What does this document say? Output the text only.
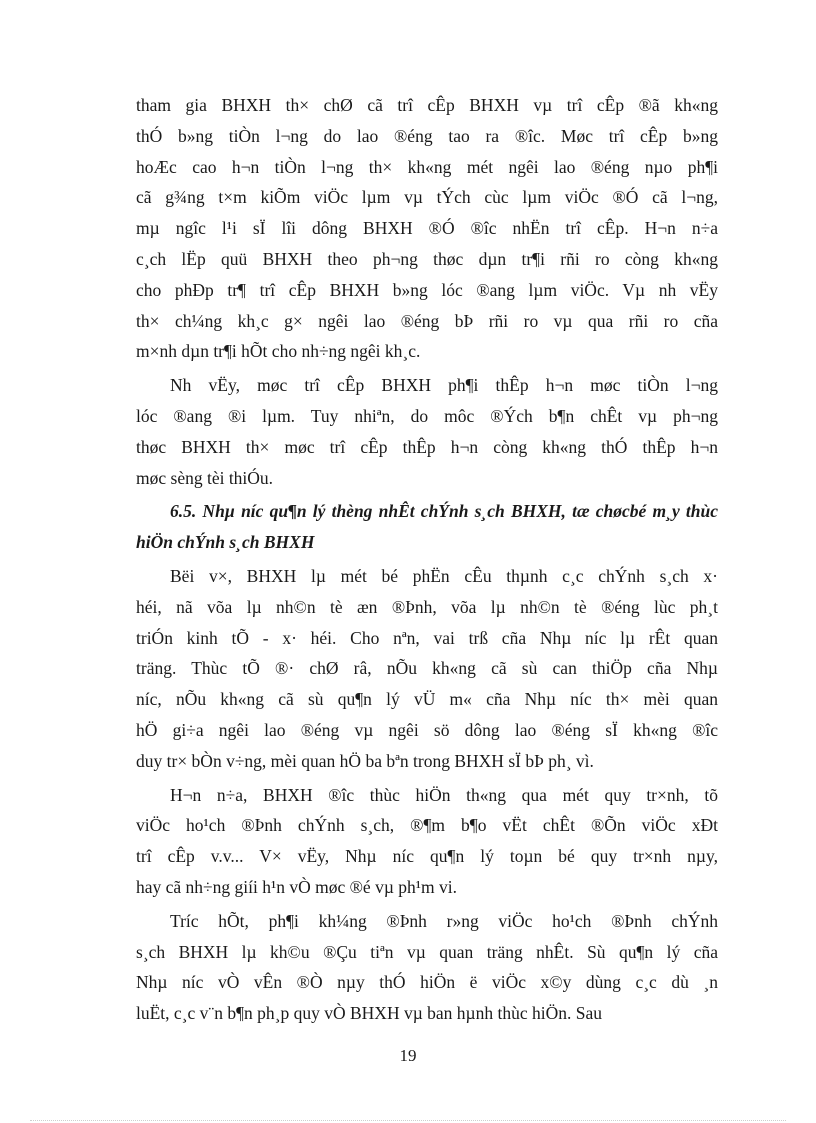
tham gia BHXH th× chØ cã trî cÊp BHXH vµ trî cÊp ®ã kh«ng
thÓ b»ng tiÒn l¬ng do lao ®éng tao ra ®îc. Møc trî cÊp b»ng
hoÆc cao h¬n tiÒn l¬ng th× kh«ng mét ngêi lao ®éng nµo ph¶i
cã g¾ng t×m kiÕm viÖc lµm vµ tÝch cùc lµm viÖc ®Ó cã l¬ng,
mµ ngîc l¹i sÏ lîi dông BHXH ®Ó ®îc nhËn trî cÊp. H¬n n÷a
c¸ch lËp quü BHXH theo ph¬ng thøc dµn tr¶i rñi ro còng kh«ng
cho phÐp tr¶ trî cÊp BHXH b»ng lóc ®ang lµm viÖc. Vµ nh vËy
th× ch¼ng kh¸c g× ngêi lao ®éng bÞ rñi ro vµ qua rñi ro cña
m×nh dµn tr¶i hÕt cho nh÷ng ngêi kh¸c.
Nh vËy, møc trî cÊp BHXH ph¶i thÊp h¬n møc tiÒn l¬ng
lóc ®ang ®i lµm. Tuy nhiªn, do môc ®Ých b¶n chÊt vµ ph¬ng
thøc BHXH th× møc trî cÊp thÊp h¬n còng kh«ng thÓ thÊp h¬n
møc sèng tèi thiÓu.
6.5. Nhµ níc qu¶n lý thèng nhÊt chÝnh s¸ch BHXH, tæ chøcbé m¸y thùc hiÖn chÝnh s¸ch BHXH
Bëi v×, BHXH lµ mét bé phËn cÊu thµnh c¸c chÝnh s¸ch x·
héi, nã võa lµ nh©n tè æn ®Þnh, võa lµ nh©n tè ®éng lùc ph¸t
triÓn kinh tÕ - x· héi. Cho nªn, vai trß cña Nhµ níc lµ rÊt quan
träng. Thùc tÕ ®· chØ râ, nÕu kh«ng cã sù can thiÖp cña Nhµ
níc, nÕu kh«ng cã sù qu¶n lý vÜ m« cña Nhµ níc th× mèi quan
hÖ gi÷a ngêi lao ®éng vµ ngêi sö dông lao ®éng sÏ kh«ng ®îc
duy tr× bÒn v÷ng, mèi quan hÖ ba bªn trong BHXH sÏ bÞ ph¸ vì.
H¬n n÷a, BHXH ®îc thùc hiÖn th«ng qua mét quy tr×nh, tõ
viÖc ho¹ch ®Þnh chÝnh s¸ch, ®¶m b¶o vËt chÊt ®Õn viÖc xÐt
trî cÊp v.v... V× vËy, Nhµ níc qu¶n lý toµn bé quy tr×nh nµy,
hay cã nh÷ng giíi h¹n vÒ møc ®é vµ ph¹m vi.
Tríc hÕt, ph¶i kh¼ng ®Þnh r»ng viÖc ho¹ch ®Þnh chÝnh
s¸ch BHXH lµ kh©u ®Çu tiªn vµ quan träng nhÊt. Sù qu¶n lý cña
Nhµ níc vÒ vÊn ®Ò nµy thÓ hiÖn ë viÖc x©y dùng c¸c dù ¸n
luËt, c¸c v¨n b¶n ph¸p quy vÒ BHXH vµ ban hµnh thùc hiÖn. Sau
19
